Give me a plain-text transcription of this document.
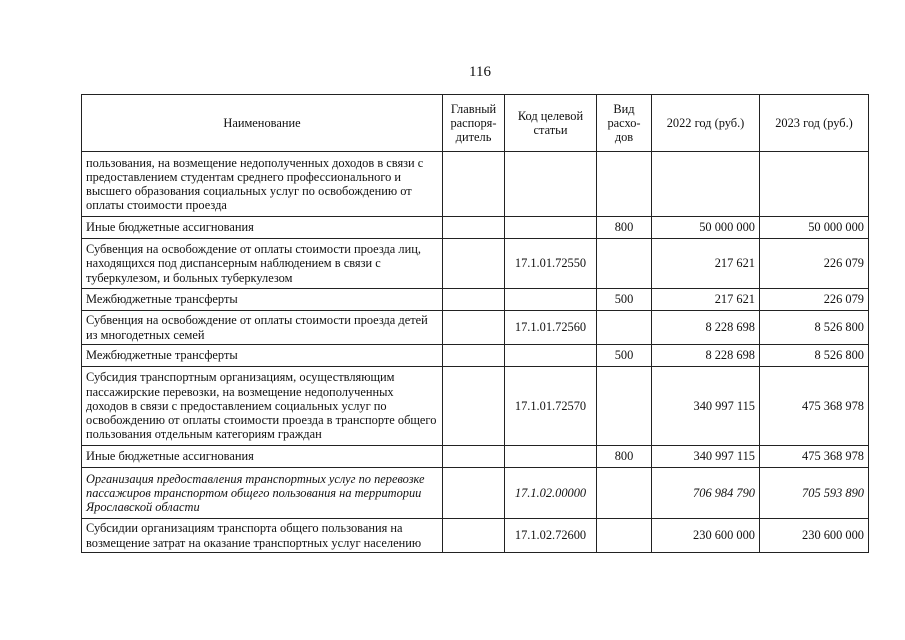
116
Наименование	Главный распоря-дитель	Код целевой статьи	Вид расхо-дов	2022 год (руб.)	2023 год (руб.)
пользования, на возмещение недополученных доходов в связи с предоставлением студентам среднего профессионального и высшего образования социальных услуг по освобождению от оплаты стоимости проезда					
Иные бюджетные ассигнования			800	50 000 000	50 000 000
Субвенция на освобождение от оплаты стоимости проезда лиц, находящихся под диспансерным наблюдением в связи с туберкулезом, и больных туберкулезом		17.1.01.72550		217 621	226 079
Межбюджетные трансферты			500	217 621	226 079
Субвенция на освобождение от оплаты стоимости проезда детей из многодетных семей		17.1.01.72560		8 228 698	8 526 800
Межбюджетные трансферты			500	8 228 698	8 526 800
Субсидия транспортным организациям, осуществляющим пассажирские перевозки, на возмещение недополученных доходов в связи с предоставлением социальных услуг по освобождению от оплаты стоимости проезда в транспорте общего пользования отдельным категориям граждан		17.1.01.72570		340 997 115	475 368 978
Иные бюджетные ассигнования			800	340 997 115	475 368 978
Организация предоставления транспортных услуг по перевозке пассажиров транспортом общего пользования на территории Ярославской области		17.1.02.00000		706 984 790	705 593 890
Субсидии организациям транспорта общего пользования на возмещение затрат на оказание транспортных услуг населению		17.1.02.72600		230 600 000	230 600 000
